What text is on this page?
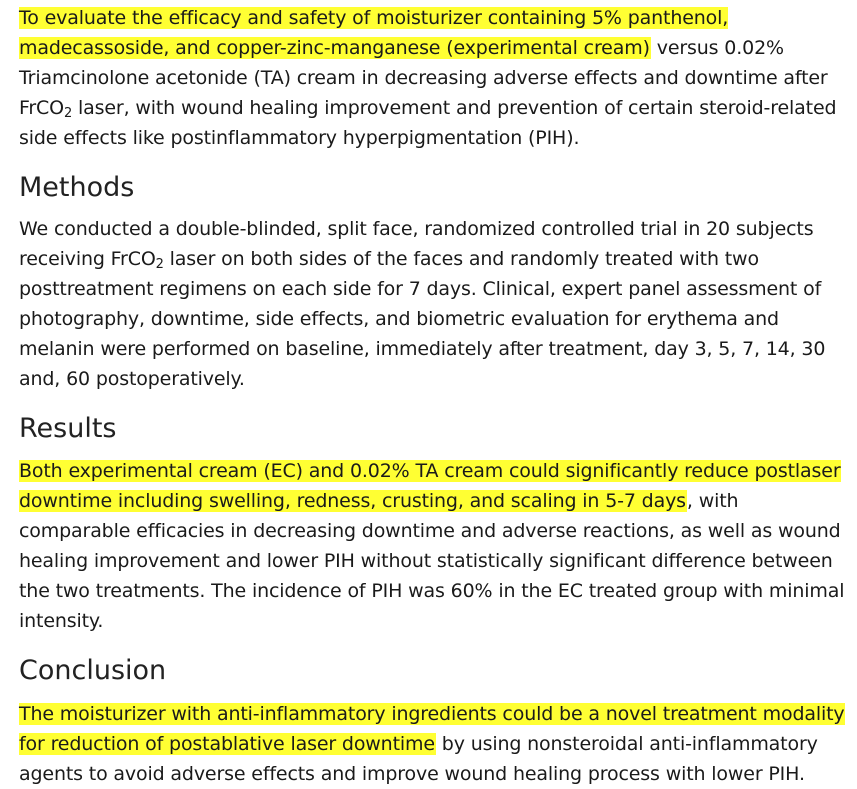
To evaluate the efficacy and safety of moisturizer containing 5% panthenol, madecassoside, and copper-zinc-manganese (experimental cream) versus 0.02% Triamcinolone acetonide (TA) cream in decreasing adverse effects and downtime after FrCO$_2$ laser, with wound healing improvement and prevention of certain steroid-related side effects like postinflammatory hyperpigmentation (PIH).

Methods

We conducted a double-blinded, split face, randomized controlled trial in 20 subjects receiving FrCO$_2$ laser on both sides of the faces and randomly treated with two posttreatment regimens on each side for 7 days. Clinical, expert panel assessment of photography, downtime, side effects, and biometric evaluation for erythema and melanin were performed on baseline, immediately after treatment, day 3, 5, 7, 14, 30 and, 60 postoperatively.

Results

Both experimental cream (EC) and 0.02% TA cream could significantly reduce postlaser downtime including swelling, redness, crusting, and scaling in 5-7 days, with comparable efficacies in decreasing downtime and adverse reactions, as well as wound healing improvement and lower PIH without statistically significant difference between the two treatments. The incidence of PIH was 60% in the EC treated group with minimal intensity.

Conclusion

The moisturizer with anti-inflammatory ingredients could be a novel treatment modality for reduction of postablative laser downtime by using nonsteroidal anti-inflammatory agents to avoid adverse effects and improve wound healing process with lower PIH.
